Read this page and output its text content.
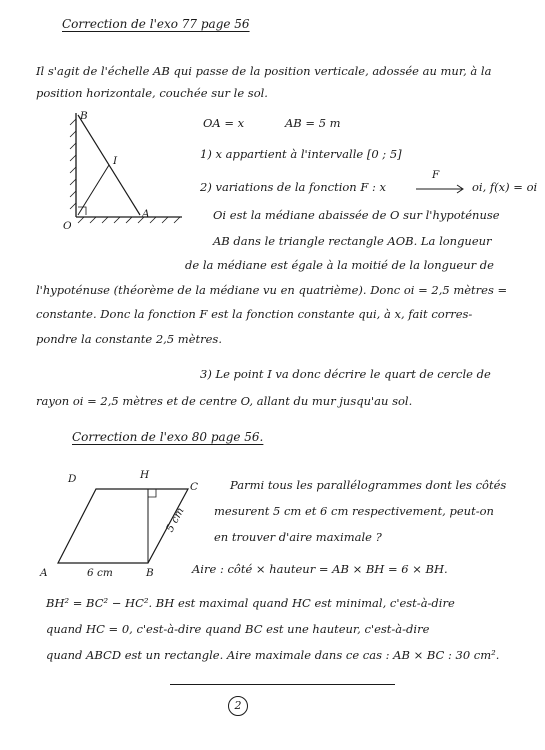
Correction de l'exo 77 page 56
Il s'agit de l'échelle AB qui passe de la position verticale, adossée au mur, à la
position horizontale, couchée sur le sol.
B
I
A
O
OA = x	AB = 5 m
1) x appartient à l'intervalle [0 ; 5]
2) variations de la fonction F : x
F
oi, f(x) = oi
Oi est la médiane abaissée de O sur l'hypoténuse
AB dans le triangle rectangle AOB. La longueur
de la médiane est égale à la moitié de la longueur de
l'hypoténuse (théorème de la médiane vu en quatrième). Donc oi = 2,5 mètres =
constante. Donc la fonction F est la fonction constante qui, à x, fait corres-
pondre la constante 2,5 mètres.
3) Le point I va donc décrire le quart de cercle de
rayon oi = 2,5 mètres et de centre O, allant du mur jusqu'au sol.
Correction de l'exo 80 page 56.
D	H
C
A	B
6 cm
5 cm
Parmi tous les parallélogrammes dont les côtés
mesurent 5 cm et 6 cm respectivement, peut-on
en trouver d'aire maximale ?
Aire : côté × hauteur = AB × BH = 6 × BH.
BH² = BC² − HC². BH est maximal quand HC est minimal, c'est-à-dire
quand HC = 0, c'est-à-dire quand BC est une hauteur, c'est-à-dire
quand ABCD est un rectangle. Aire maximale dans ce cas : AB × BC : 30 cm².
2
